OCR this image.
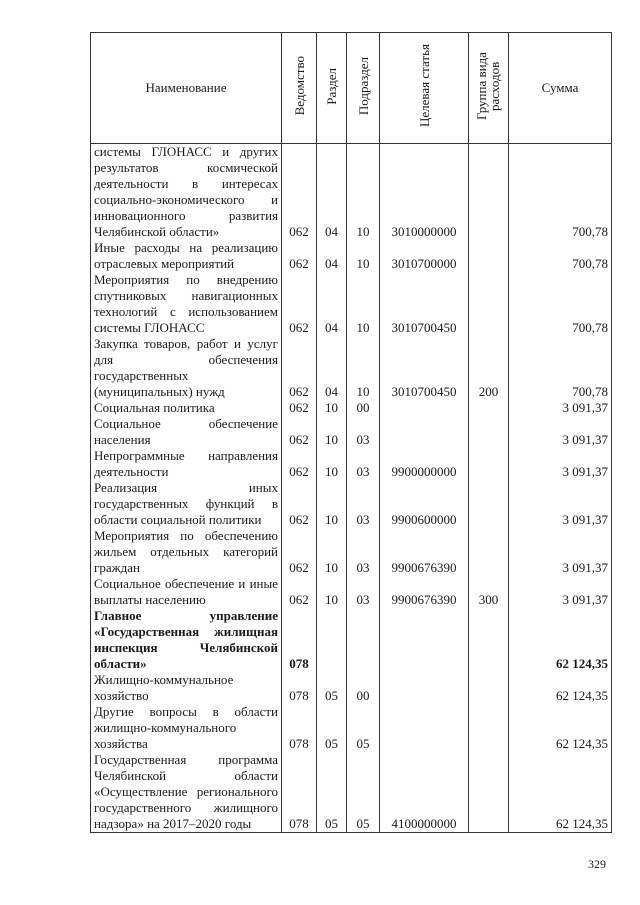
Наименование	Ведомство	Раздел	Подраздел	Целевая статья	Группа вида расходов	Сумма
системы ГЛОНАСС и других результатов космической деятельности в интересах социально-экономического и инновационного развития Челябинской области»	062	04	10	3010000000		700,78
Иные расходы на реализацию отраслевых мероприятий	062	04	10	3010700000		700,78
Мероприятия по внедрению спутниковых навигационных технологий с использованием системы ГЛОНАСС	062	04	10	3010700450		700,78
Закупка товаров, работ и услуг для обеспечения государственных (муниципальных) нужд	062	04	10	3010700450	200	700,78
Социальная политика	062	10	00			3 091,37
Социальное обеспечение населения	062	10	03			3 091,37
Непрограммные направления деятельности	062	10	03	9900000000		3 091,37
Реализация иных государственных функций в области социальной политики	062	10	03	9900600000		3 091,37
Мероприятия по обеспечению жильем отдельных категорий граждан	062	10	03	9900676390		3 091,37
Социальное обеспечение и иные выплаты населению	062	10	03	9900676390	300	3 091,37
Главное управление «Государственная жилищная инспекция Челябинской области»	078					62 124,35
Жилищно-коммунальное хозяйство	078	05	00			62 124,35
Другие вопросы в области жилищно-коммунального хозяйства	078	05	05			62 124,35
Государственная программа Челябинской области «Осуществление регионального государственного жилищного надзора» на 2017–2020 годы	078	05	05	4100000000		62 124,35
329
